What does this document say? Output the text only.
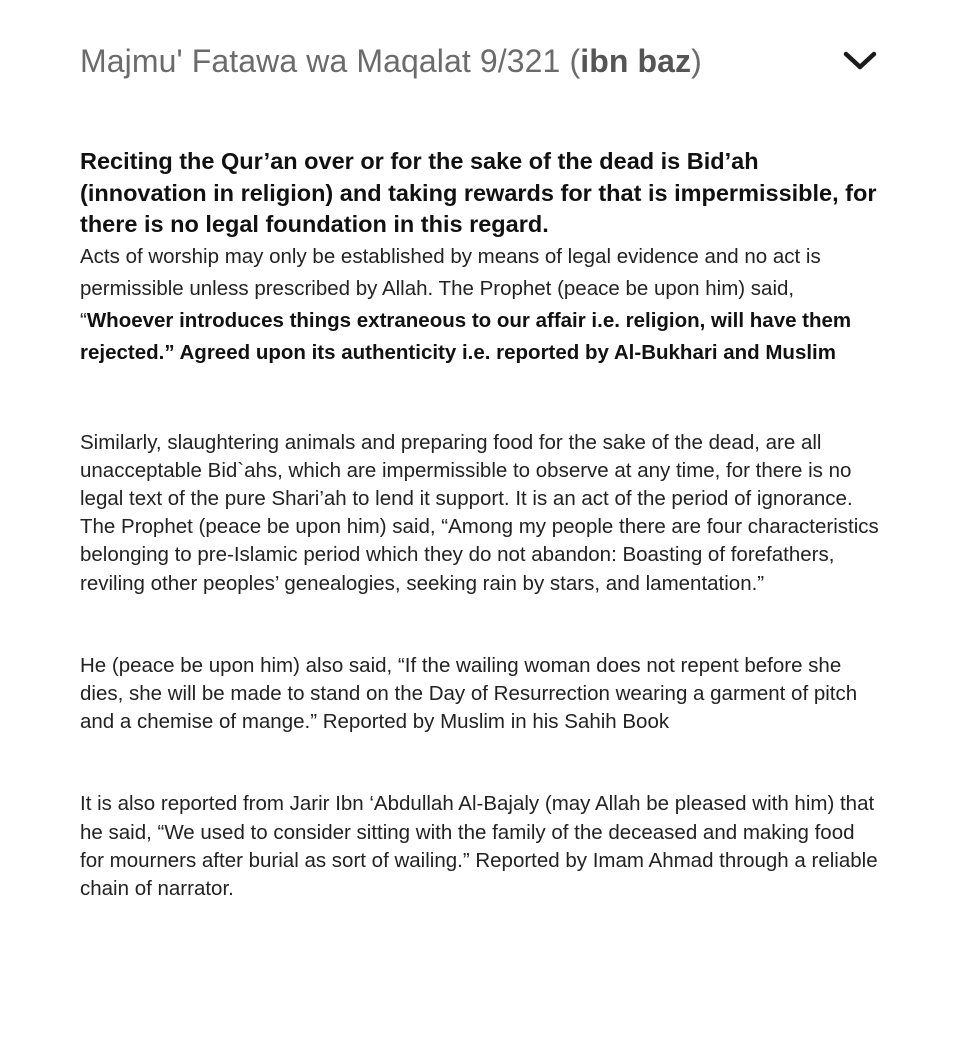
Majmu' Fatawa wa Maqalat 9/321 (ibn baz)

Reciting the Qur’an over or for the sake of the dead is Bid’ah (innovation in religion) and taking rewards for that is impermissible, for there is no legal foundation in this regard.

Acts of worship may only be established by means of legal evidence and no act is permissible unless prescribed by Allah. The Prophet (peace be upon him) said, “Whoever introduces things extraneous to our affair i.e. religion, will have them rejected.” Agreed upon its authenticity i.e. reported by Al-Bukhari and Muslim

Similarly, slaughtering animals and preparing food for the sake of the dead, are all unacceptable Bid`ahs, which are impermissible to observe at any time, for there is no legal text of the pure Shari’ah to lend it support. It is an act of the period of ignorance. The Prophet (peace be upon him) said, “Among my people there are four characteristics belonging to pre-Islamic period which they do not abandon: Boasting of forefathers, reviling other peoples’ genealogies, seeking rain by stars, and lamentation.”

He (peace be upon him) also said, “If the wailing woman does not repent before she dies, she will be made to stand on the Day of Resurrection wearing a garment of pitch and a chemise of mange.” Reported by Muslim in his Sahih Book

It is also reported from Jarir Ibn ‘Abdullah Al-Bajaly (may Allah be pleased with him) that he said, “We used to consider sitting with the family of the deceased and making food for mourners after burial as sort of wailing.” Reported by Imam Ahmad through a reliable chain of narrator.
